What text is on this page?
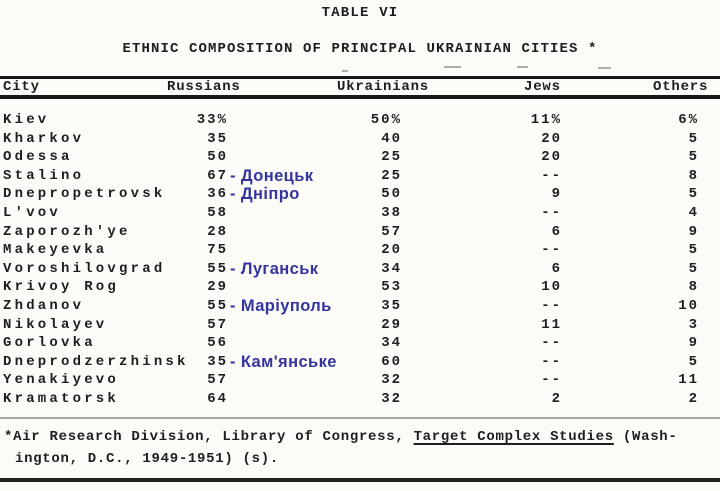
TABLE VI
ETHNIC COMPOSITION OF PRINCIPAL UKRAINIAN CITIES *
City	Russians	Ukrainians	Jews	Others
Kiev	33%	50%	11%	6%
Kharkov	35	40	20	5
Odessa	50	25	20	5
Stalino	67 - Донецьк	25	--	8
Dnepropetrovsk	36 - Дніпро	50	9	5
L'vov	58	38	--	4
Zaporozh'ye	28	57	6	9
Makeyevka	75	20	--	5
Voroshilovgrad	55 - Луганськ	34	6	5
Krivoy Rog	29	53	10	8
Zhdanov	55 - Маріуполь	35	--	10
Nikolayev	57	29	11	3
Gorlovka	56	34	--	9
Dneprodzerzhinsk	35 - Кам'янське	60	--	5
Yenakiyevo	57	32	--	11
Kramatorsk	64	32	2	2
*Air Research Division, Library of Congress, Target Complex Studies (Wash-
ington, D.C., 1949-1951) (s).
